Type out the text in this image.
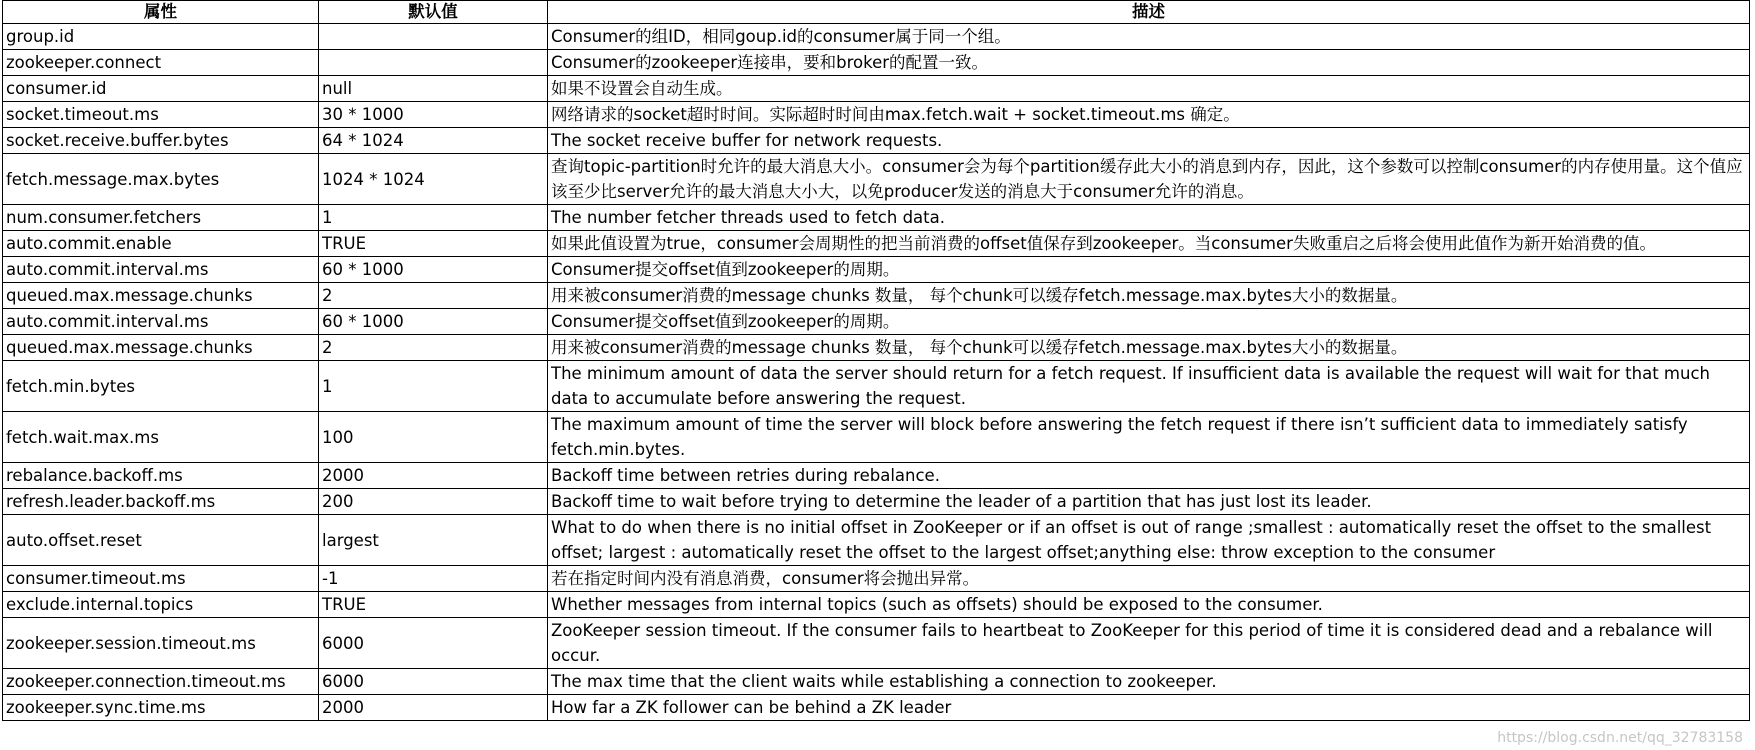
属性	默认值	描述
group.id		Consumer的组ID，相同goup.id的consumer属于同一个组。
zookeeper.connect		Consumer的zookeeper连接串，要和broker的配置一致。
consumer.id	null	如果不设置会自动生成。
socket.timeout.ms	30 * 1000	网络请求的socket超时时间。实际超时时间由max.fetch.wait + socket.timeout.ms 确定。
socket.receive.buffer.bytes	64 * 1024	The socket receive buffer for network requests.
fetch.message.max.bytes	1024 * 1024	查询topic-partition时允许的最大消息大小。consumer会为每个partition缓存此大小的消息到内存，因此，这个参数可以控制consumer的内存使用量。这个值应该至少比server允许的最大消息大小大，以免producer发送的消息大于consumer允许的消息。
num.consumer.fetchers	1	The number fetcher threads used to fetch data.
auto.commit.enable	TRUE	如果此值设置为true，consumer会周期性的把当前消费的offset值保存到zookeeper。当consumer失败重启之后将会使用此值作为新开始消费的值。
auto.commit.interval.ms	60 * 1000	Consumer提交offset值到zookeeper的周期。
queued.max.message.chunks	2	用来被consumer消费的message chunks 数量， 每个chunk可以缓存fetch.message.max.bytes大小的数据量。
auto.commit.interval.ms	60 * 1000	Consumer提交offset值到zookeeper的周期。
queued.max.message.chunks	2	用来被consumer消费的message chunks 数量， 每个chunk可以缓存fetch.message.max.bytes大小的数据量。
fetch.min.bytes	1	The minimum amount of data the server should return for a fetch request. If insufficient data is available the request will wait for that much data to accumulate before answering the request.
fetch.wait.max.ms	100	The maximum amount of time the server will block before answering the fetch request if there isn’t sufficient data to immediately satisfy fetch.min.bytes.
rebalance.backoff.ms	2000	Backoff time between retries during rebalance.
refresh.leader.backoff.ms	200	Backoff time to wait before trying to determine the leader of a partition that has just lost its leader.
auto.offset.reset	largest	What to do when there is no initial offset in ZooKeeper or if an offset is out of range ;smallest : automatically reset the offset to the smallest offset; largest : automatically reset the offset to the largest offset;anything else: throw exception to the consumer
consumer.timeout.ms	-1	若在指定时间内没有消息消费，consumer将会抛出异常。
exclude.internal.topics	TRUE	Whether messages from internal topics (such as offsets) should be exposed to the consumer.
zookeeper.session.timeout.ms	6000	ZooKeeper session timeout. If the consumer fails to heartbeat to ZooKeeper for this period of time it is considered dead and a rebalance will occur.
zookeeper.connection.timeout.ms	6000	The max time that the client waits while establishing a connection to zookeeper.
zookeeper.sync.time.ms	2000	How far a ZK follower can be behind a ZK leader
https://blog.csdn.net/qq_32783158
